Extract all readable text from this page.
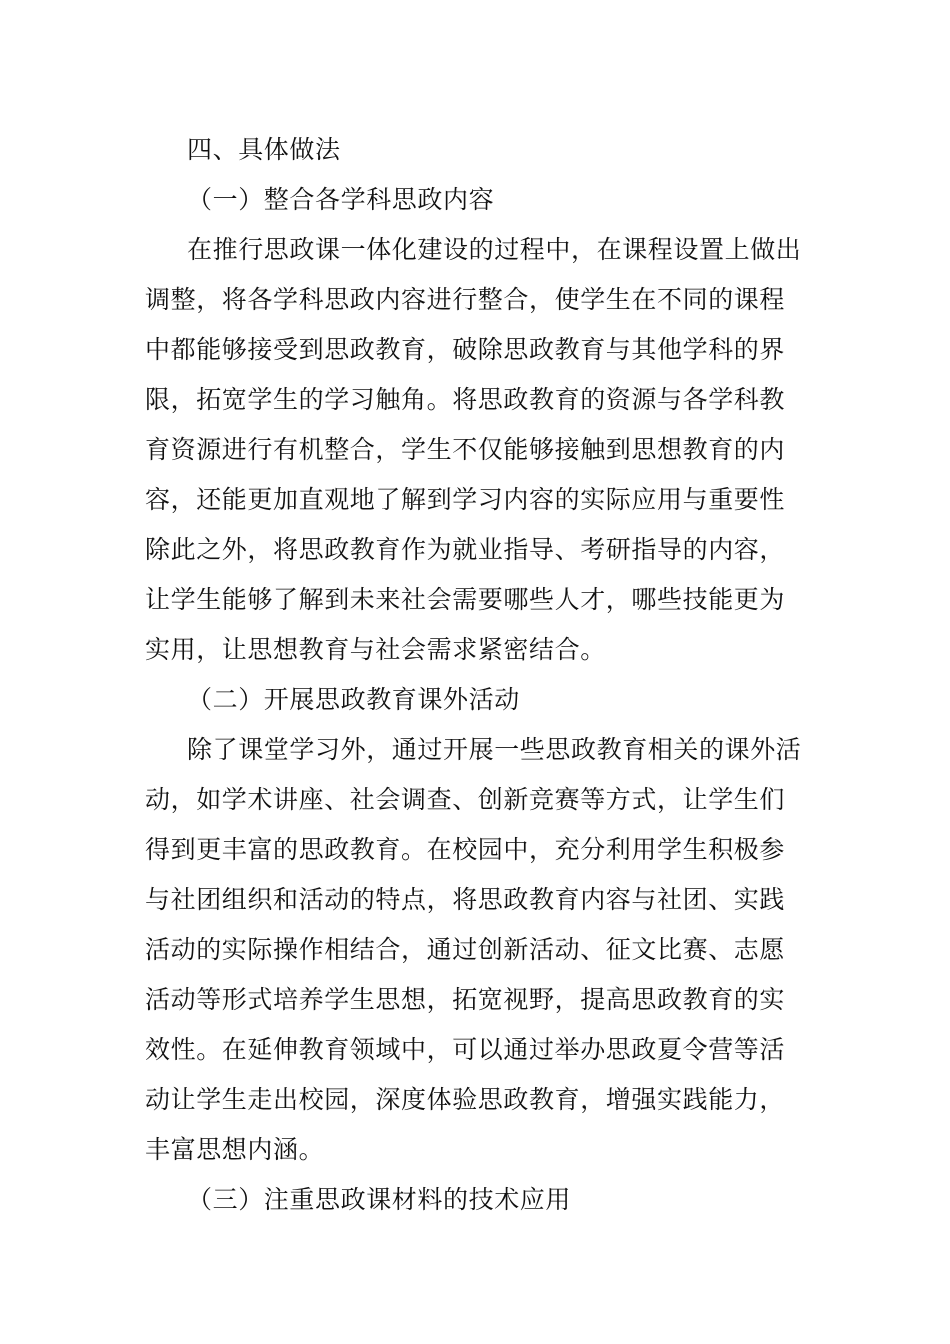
四、具体做法
（一）整合各学科思政内容
在推行思政课一体化建设的过程中，在课程设置上做出
调整，将各学科思政内容进行整合，使学生在不同的课程
中都能够接受到思政教育，破除思政教育与其他学科的界
限，拓宽学生的学习触角。将思政教育的资源与各学科教
育资源进行有机整合，学生不仅能够接触到思想教育的内
容，还能更加直观地了解到学习内容的实际应用与重要性
除此之外，将思政教育作为就业指导、考研指导的内容，
让学生能够了解到未来社会需要哪些人才，哪些技能更为
实用，让思想教育与社会需求紧密结合。
（二）开展思政教育课外活动
除了课堂学习外，通过开展一些思政教育相关的课外活
动，如学术讲座、社会调查、创新竞赛等方式，让学生们
得到更丰富的思政教育。在校园中，充分利用学生积极参
与社团组织和活动的特点，将思政教育内容与社团、实践
活动的实际操作相结合，通过创新活动、征文比赛、志愿
活动等形式培养学生思想，拓宽视野，提高思政教育的实
效性。在延伸教育领域中，可以通过举办思政夏令营等活
动让学生走出校园，深度体验思政教育，增强实践能力，
丰富思想内涵。
（三）注重思政课材料的技术应用
